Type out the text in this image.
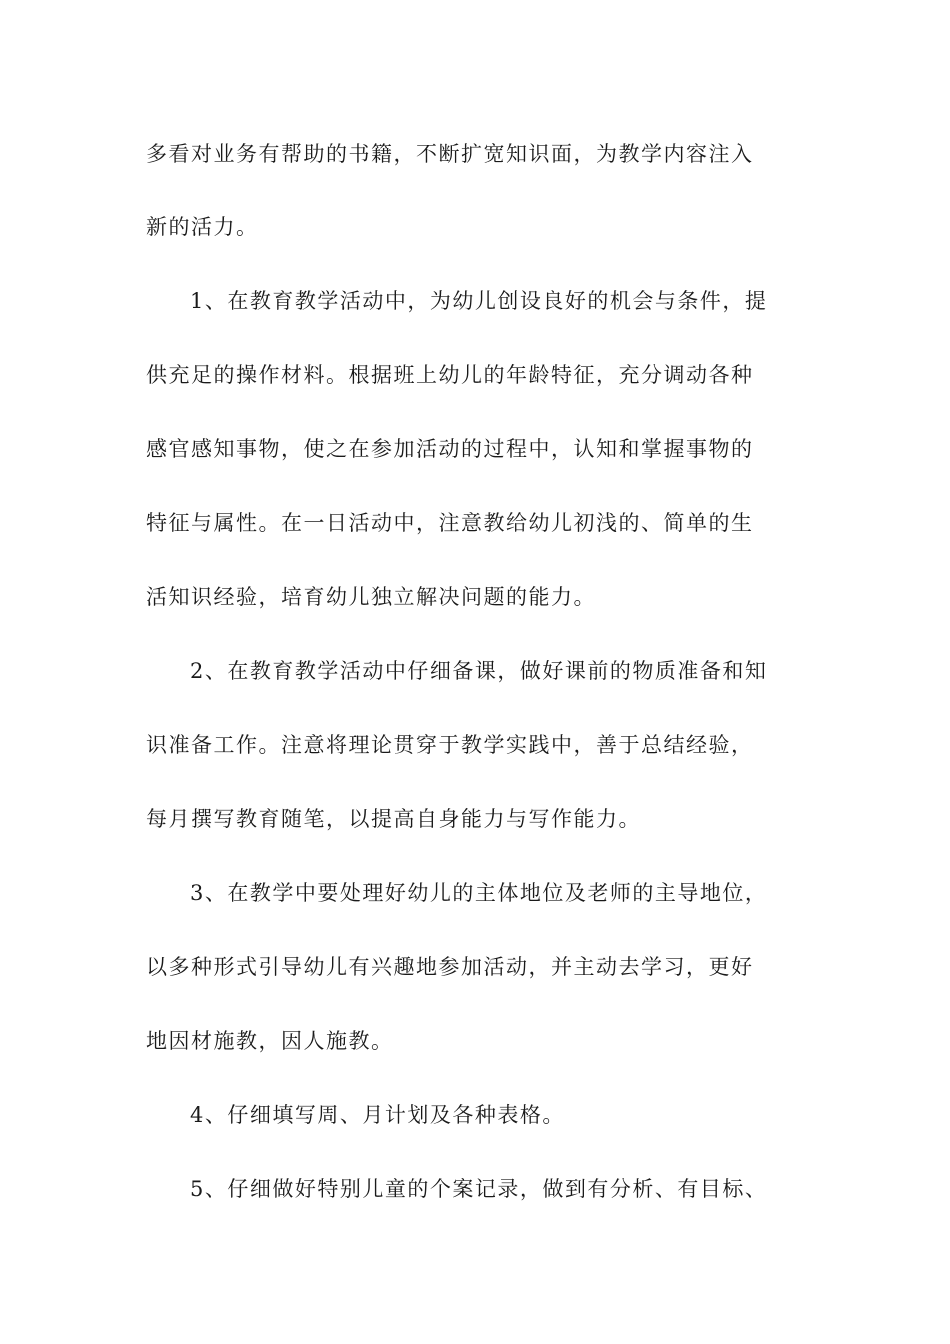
多看对业务有帮助的书籍，不断扩宽知识面，为教学内容注入
新的活力。
1、在教育教学活动中，为幼儿创设良好的机会与条件，提
供充足的操作材料。根据班上幼儿的年龄特征，充分调动各种
感官感知事物，使之在参加活动的过程中，认知和掌握事物的
特征与属性。在一日活动中，注意教给幼儿初浅的、简单的生
活知识经验，培育幼儿独立解决问题的能力。
2、在教育教学活动中仔细备课，做好课前的物质准备和知
识准备工作。注意将理论贯穿于教学实践中，善于总结经验，
每月撰写教育随笔，以提高自身能力与写作能力。
3、在教学中要处理好幼儿的主体地位及老师的主导地位，
以多种形式引导幼儿有兴趣地参加活动，并主动去学习，更好
地因材施教，因人施教。
4、仔细填写周、月计划及各种表格。
5、仔细做好特别儿童的个案记录，做到有分析、有目标、
